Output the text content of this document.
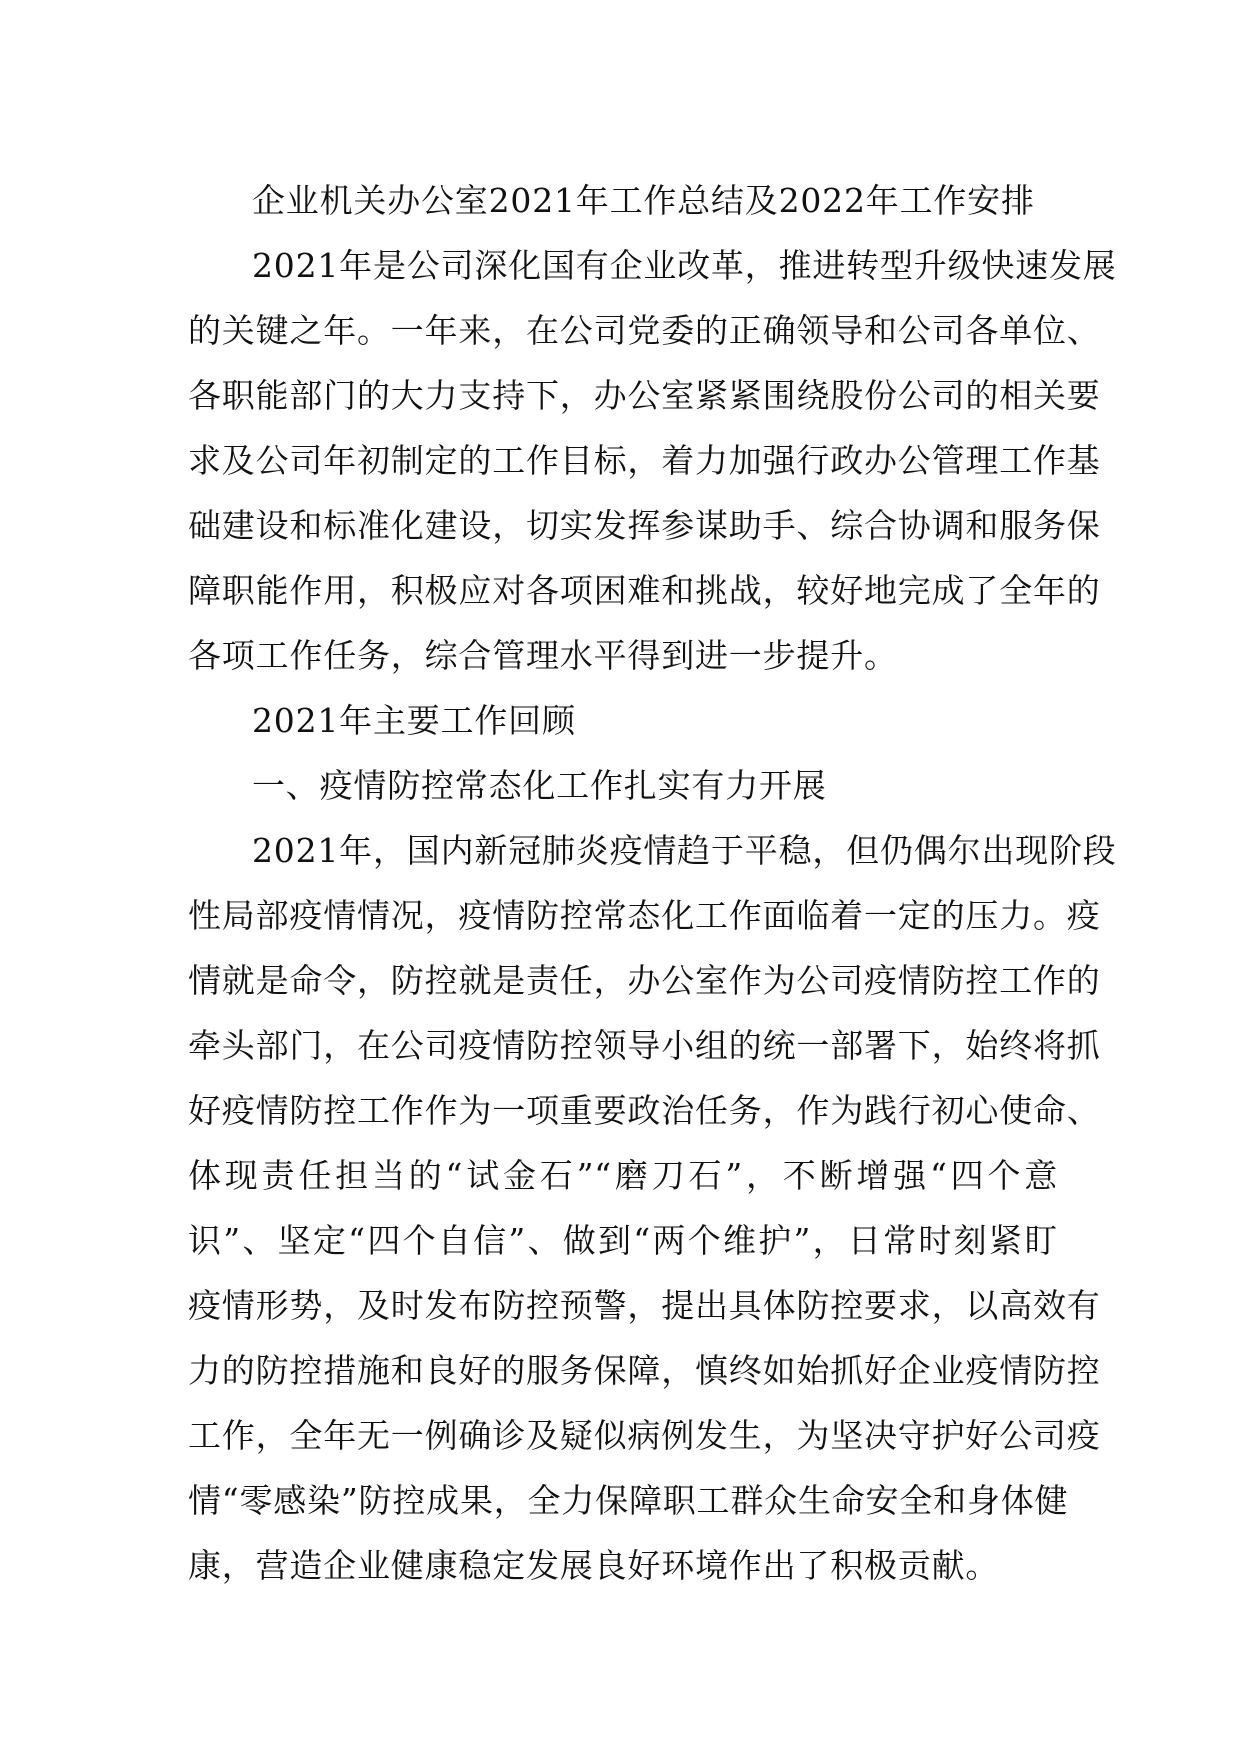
企业机关办公室2021年工作总结及2022年工作安排
2021年是公司深化国有企业改革，推进转型升级快速发展
的关键之年。一年来，在公司党委的正确领导和公司各单位、
各职能部门的大力支持下，办公室紧紧围绕股份公司的相关要
求及公司年初制定的工作目标，着力加强行政办公管理工作基
础建设和标准化建设，切实发挥参谋助手、综合协调和服务保
障职能作用，积极应对各项困难和挑战，较好地完成了全年的
各项工作任务，综合管理水平得到进一步提升。
2021年主要工作回顾
一、疫情防控常态化工作扎实有力开展
2021年，国内新冠肺炎疫情趋于平稳，但仍偶尔出现阶段
性局部疫情情况，疫情防控常态化工作面临着一定的压力。疫
情就是命令，防控就是责任，办公室作为公司疫情防控工作的
牵头部门，在公司疫情防控领导小组的统一部署下，始终将抓
好疫情防控工作作为一项重要政治任务，作为践行初心使命、
体现责任担当的“试金石”“磨刀石”，不断增强“四个意
识”、坚定“四个自信”、做到“两个维护”，日常时刻紧盯
疫情形势，及时发布防控预警，提出具体防控要求，以高效有
力的防控措施和良好的服务保障，慎终如始抓好企业疫情防控
工作，全年无一例确诊及疑似病例发生，为坚决守护好公司疫
情“零感染”防控成果，全力保障职工群众生命安全和身体健
康，营造企业健康稳定发展良好环境作出了积极贡献。
